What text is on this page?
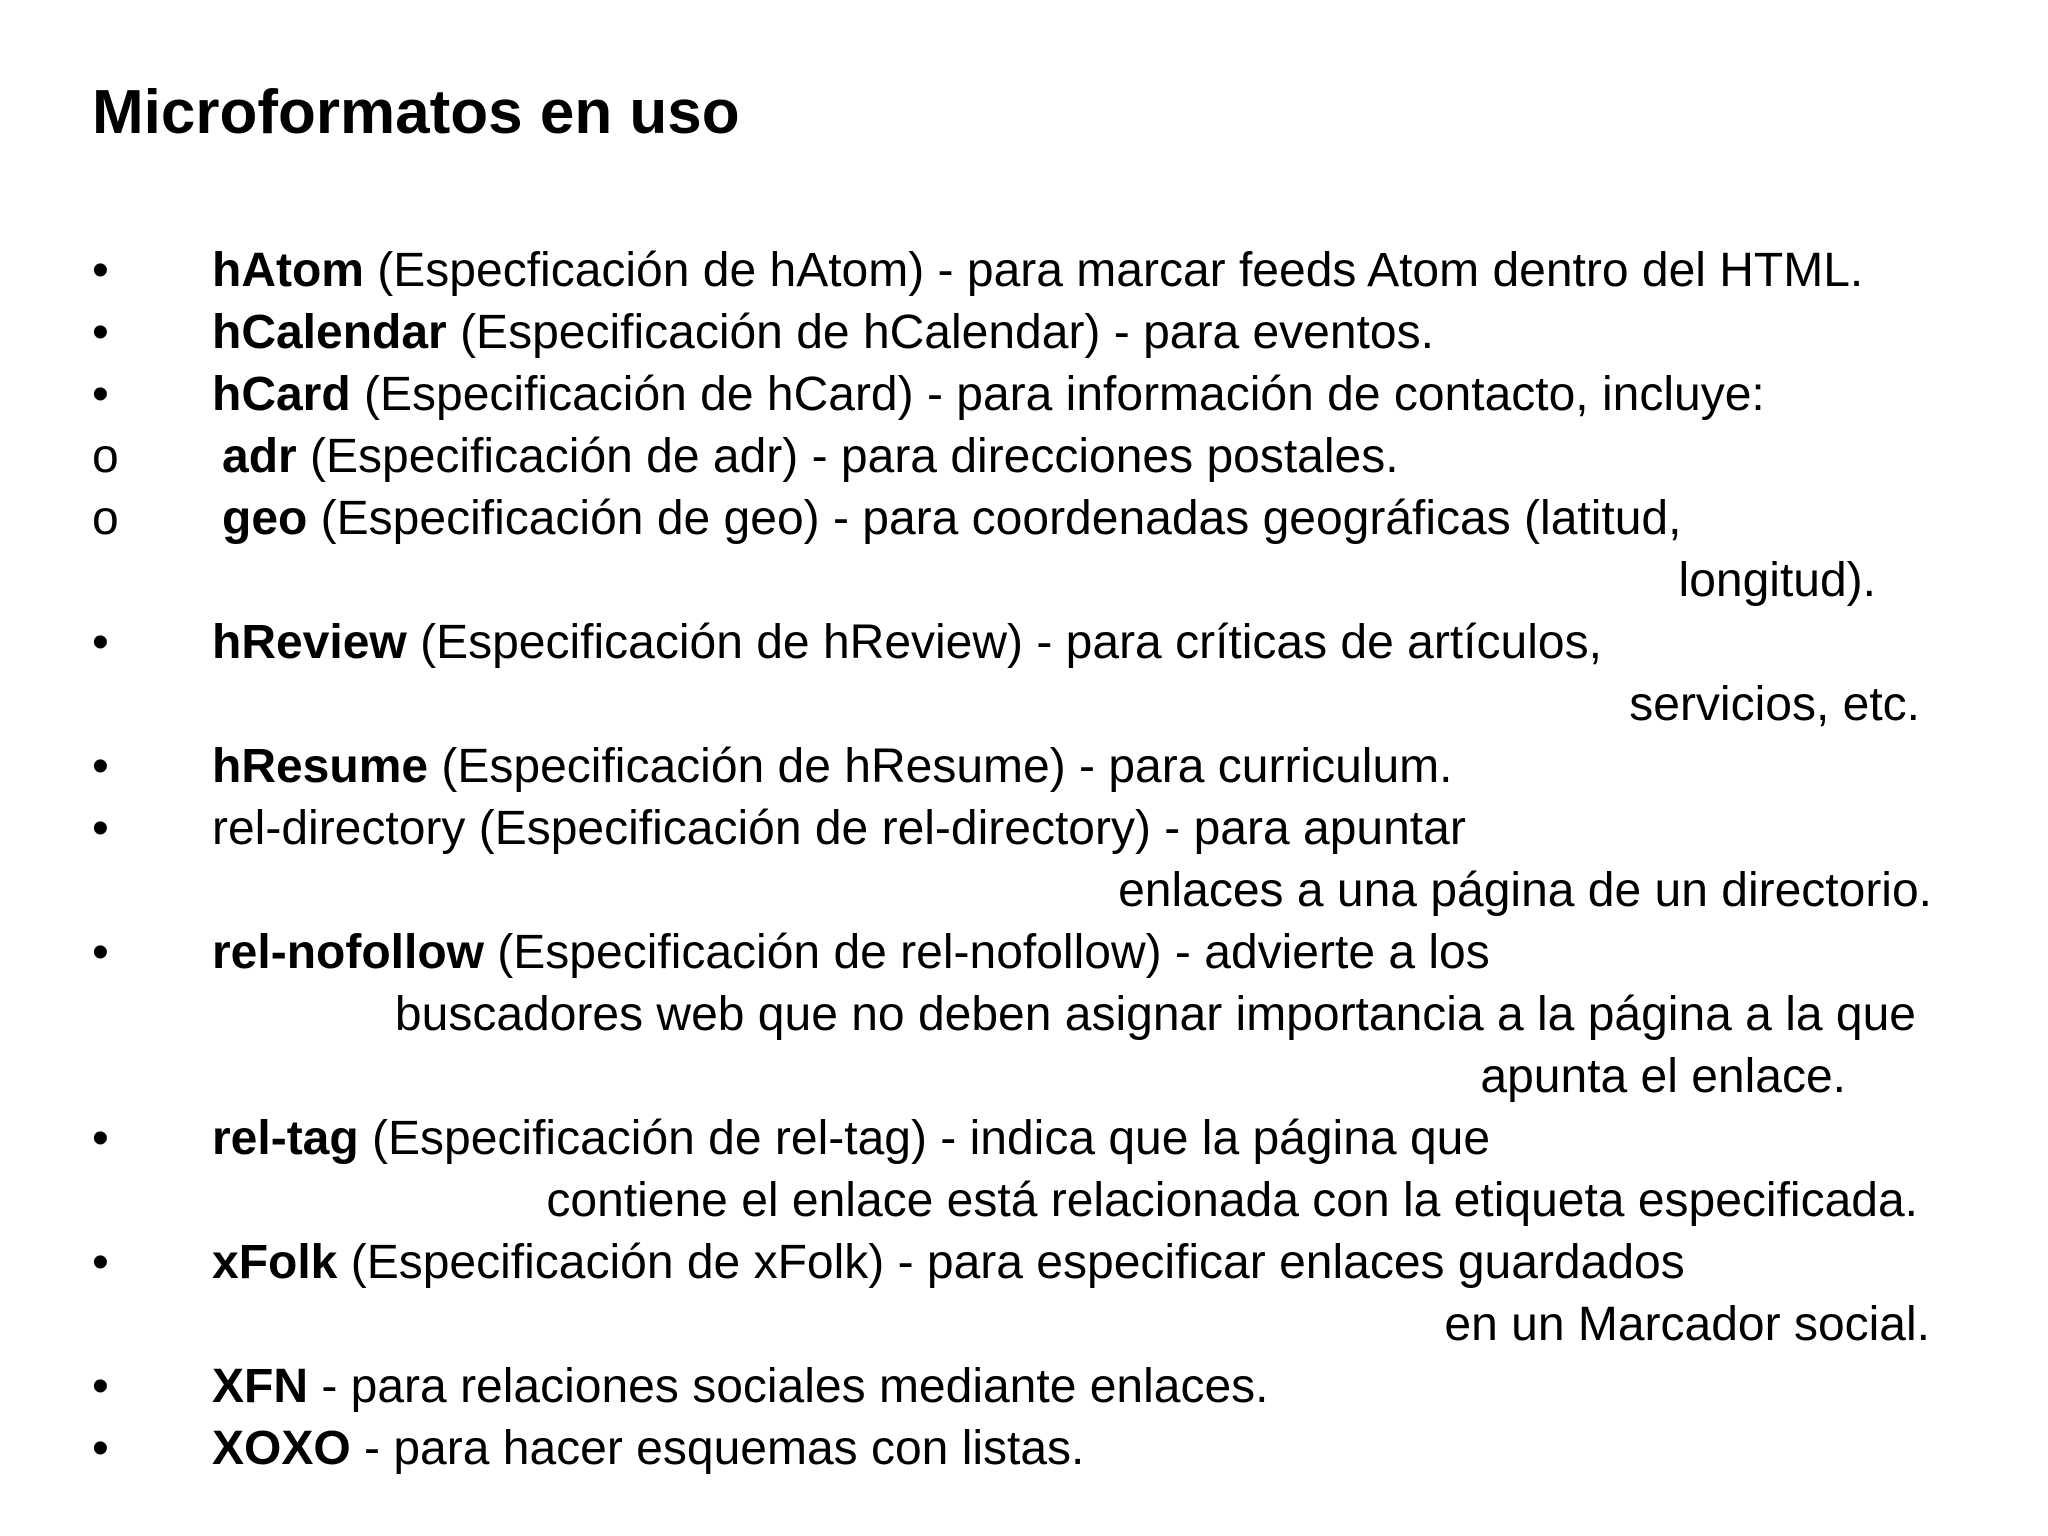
Microformatos en uso
• hAtom (Especficación de hAtom) - para marcar feeds Atom dentro del HTML.
• hCalendar (Especificación de hCalendar) - para eventos.
• hCard (Especificación de hCard) - para información de contacto, incluye:
o adr (Especificación de adr) - para direcciones postales.
o geo (Especificación de geo) - para coordenadas geográficas (latitud,
longitud).
• hReview (Especificación de hReview) - para críticas de artículos,
servicios, etc.
• hResume (Especificación de hResume) - para curriculum.
• rel-directory (Especificación de rel-directory) - para apuntar
enlaces a una página de un directorio.
• rel-nofollow (Especificación de rel-nofollow) - advierte a los
buscadores web que no deben asignar importancia a la página a la que
apunta el enlace.
• rel-tag (Especificación de rel-tag) - indica que la página que
contiene el enlace está relacionada con la etiqueta especificada.
• xFolk (Especificación de xFolk) - para especificar enlaces guardados
en un Marcador social.
• XFN - para relaciones sociales mediante enlaces.
• XOXO - para hacer esquemas con listas.
